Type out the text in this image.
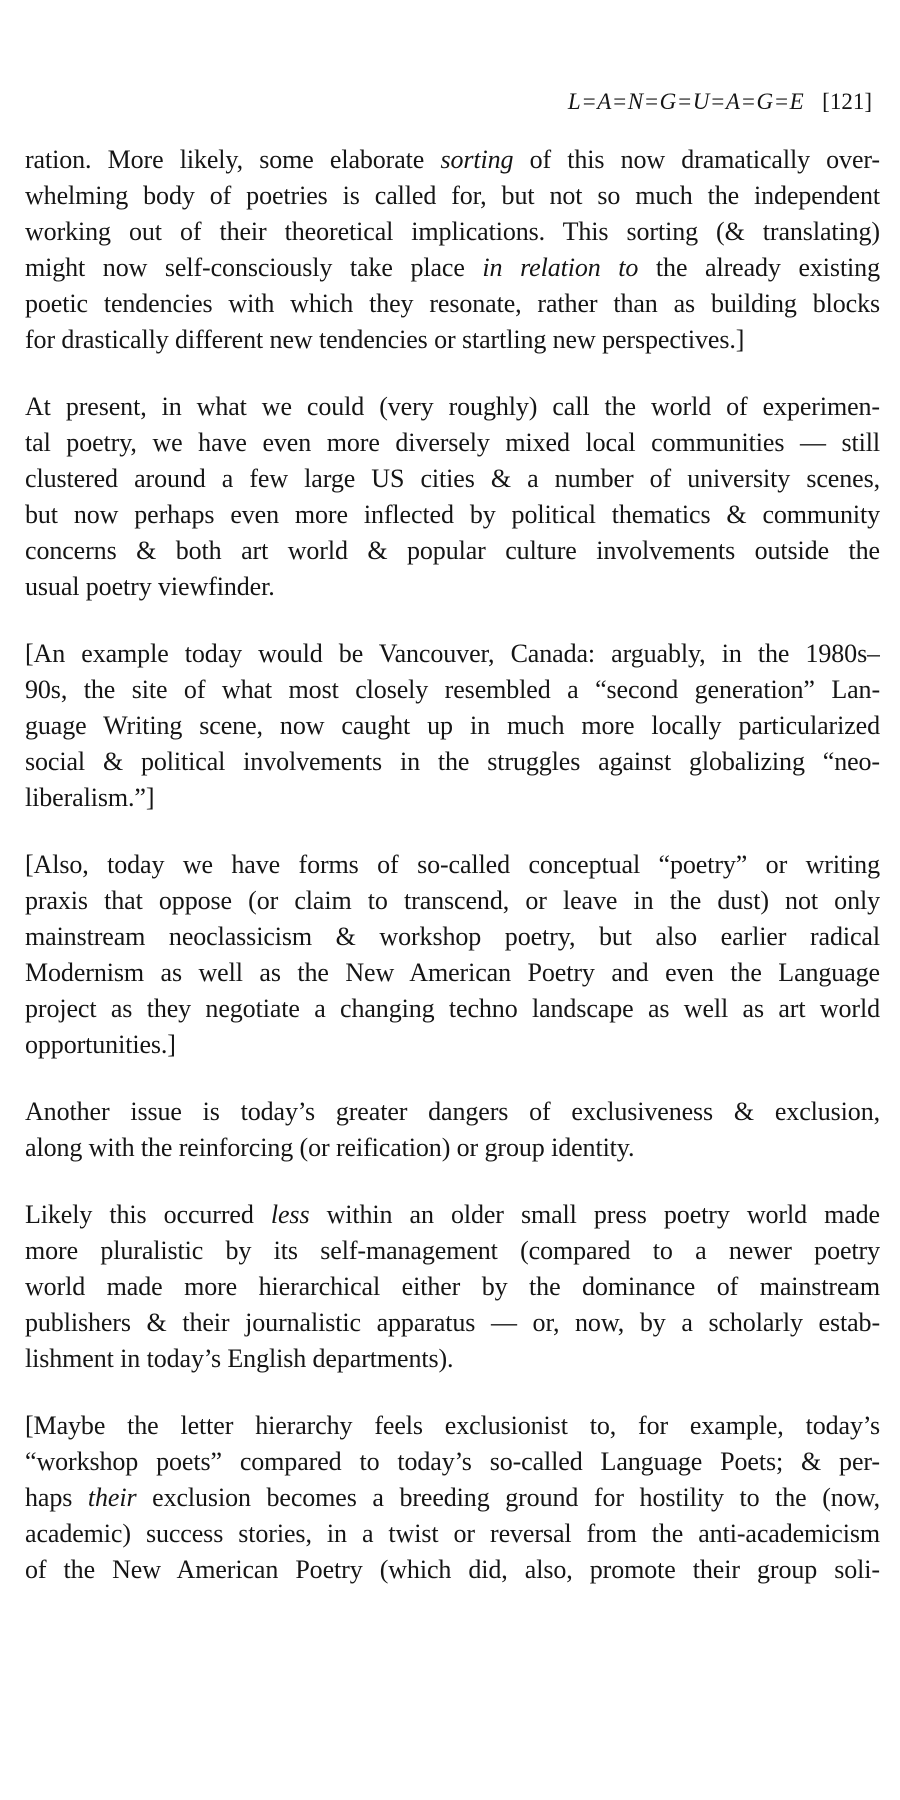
L=A=N=G=U=A=G=E [121]
ration. More likely, some elaborate sorting of this now dramatically over-
whelming body of poetries is called for, but not so much the independent
working out of their theoretical implications. This sorting (& translating)
might now self-consciously take place in relation to the already existing
poetic tendencies with which they resonate, rather than as building blocks
for drastically different new tendencies or startling new perspectives.]
At present, in what we could (very roughly) call the world of experimen-
tal poetry, we have even more diversely mixed local communities — still
clustered around a few large US cities & a number of university scenes,
but now perhaps even more inflected by political thematics & community
concerns & both art world & popular culture involvements outside the
usual poetry viewfinder.
[An example today would be Vancouver, Canada: arguably, in the 1980s–
90s, the site of what most closely resembled a “second generation” Lan-
guage Writing scene, now caught up in much more locally particularized
social & political involvements in the struggles against globalizing “neo-
liberalism.”]
[Also, today we have forms of so-called conceptual “poetry” or writing
praxis that oppose (or claim to transcend, or leave in the dust) not only
mainstream neoclassicism & workshop poetry, but also earlier radical
Modernism as well as the New American Poetry and even the Language
project as they negotiate a changing techno landscape as well as art world
opportunities.]
Another issue is today’s greater dangers of exclusiveness & exclusion,
along with the reinforcing (or reification) or group identity.
Likely this occurred less within an older small press poetry world made
more pluralistic by its self-management (compared to a newer poetry
world made more hierarchical either by the dominance of mainstream
publishers & their journalistic apparatus — or, now, by a scholarly estab-
lishment in today’s English departments).
[Maybe the letter hierarchy feels exclusionist to, for example, today’s
“workshop poets” compared to today’s so-called Language Poets; & per-
haps their exclusion becomes a breeding ground for hostility to the (now,
academic) success stories, in a twist or reversal from the anti-academicism
of the New American Poetry (which did, also, promote their group soli-
